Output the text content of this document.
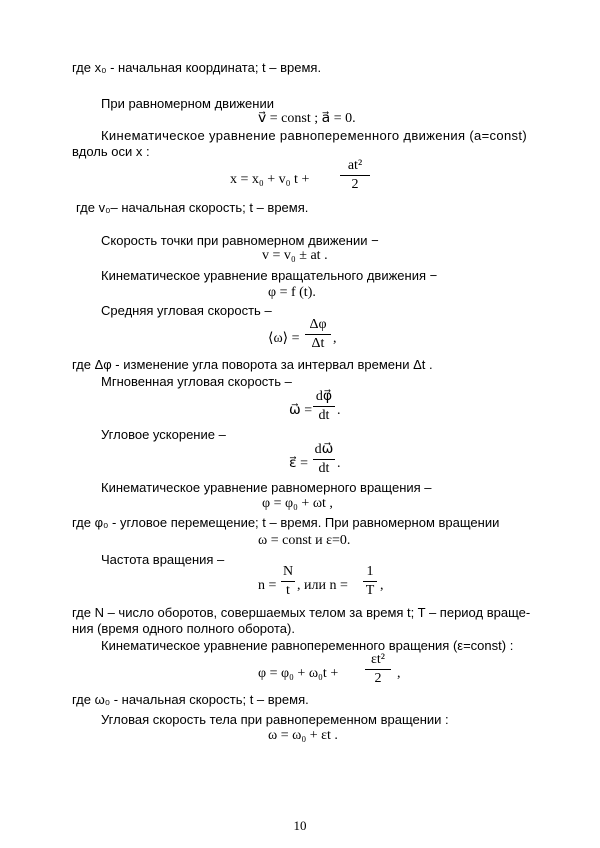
где x₀ - начальная координата; t – время.
При равномерном движении
v⃗ = const ; a⃗ = 0.
Кинематическое уравнение равнопеременного движения (a=const)
вдоль оси x :
x = x₀ + v₀ t +
at²
2
где v₀– начальная скорость; t – время.
Скорость точки при равномерном движении −
v = v₀ ± at .
Кинематическое уравнение вращательного движения −
φ = f (t).
Средняя угловая скорость –
⟨ω⟩ =
Δφ
Δt ,
где Δφ - изменение угла поворота за интервал времени Δt .
Мгновенная угловая скорость –
ω⃗ =
dφ⃗
dt .
Угловое ускорение –
ε⃗ =
dω⃗
dt .
Кинематическое уравнение равномерного вращения –
φ = φ₀ + ωt ,
где φ₀ - угловое перемещение; t – время. При равномерном вращении
ω = const и ε=0.
Частота вращения –
n =
N
t , или n =
1
T ,
где N – число оборотов, совершаемых телом за время t; T – период враще-
ния (время одного полного оборота).
Кинематическое уравнение равнопеременного вращения (ε=const) :
φ = φ₀ + ω₀t +
εt²
2	,
где ω₀ - начальная скорость; t – время.
Угловая скорость тела при равнопеременном вращении :
ω = ω₀ + εt .
10
